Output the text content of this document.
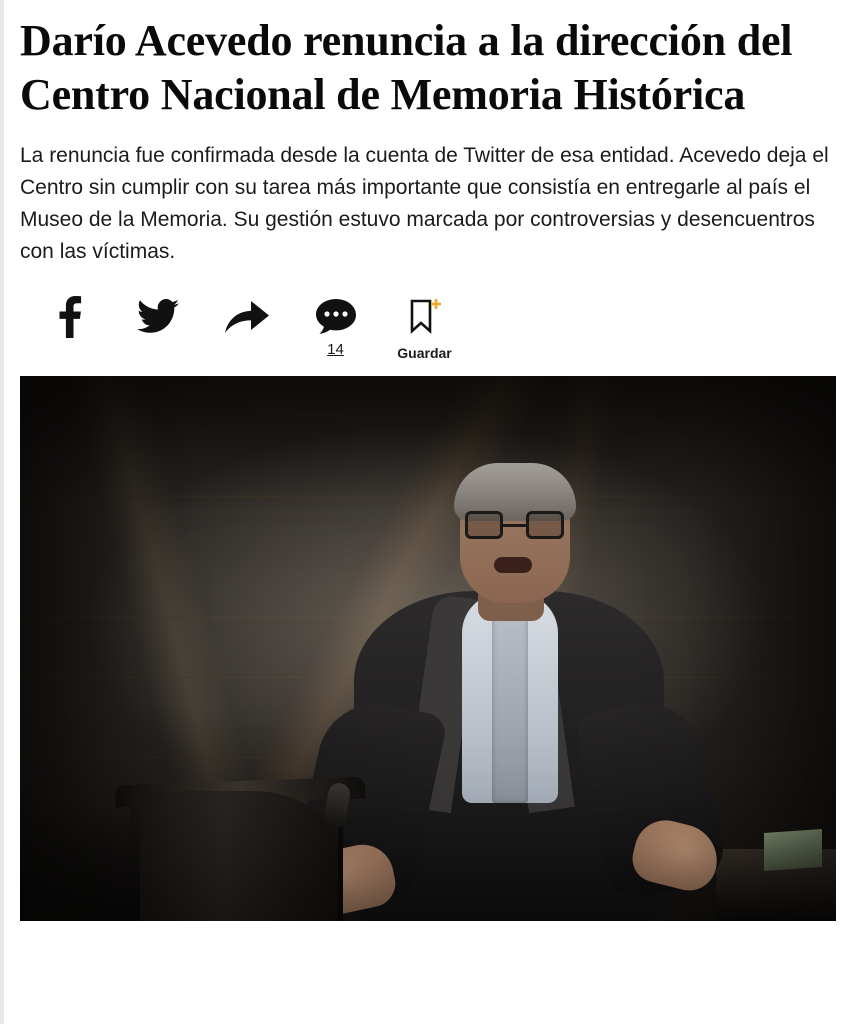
Darío Acevedo renuncia a la dirección del Centro Nacional de Memoria Histórica

La renuncia fue confirmada desde la cuenta de Twitter de esa entidad. Acevedo deja el Centro sin cumplir con su tarea más importante que consistía en entregarle al país el Museo de la Memoria. Su gestión estuvo marcada por controversias y desencuentros con las víctimas.

14	Guardar
